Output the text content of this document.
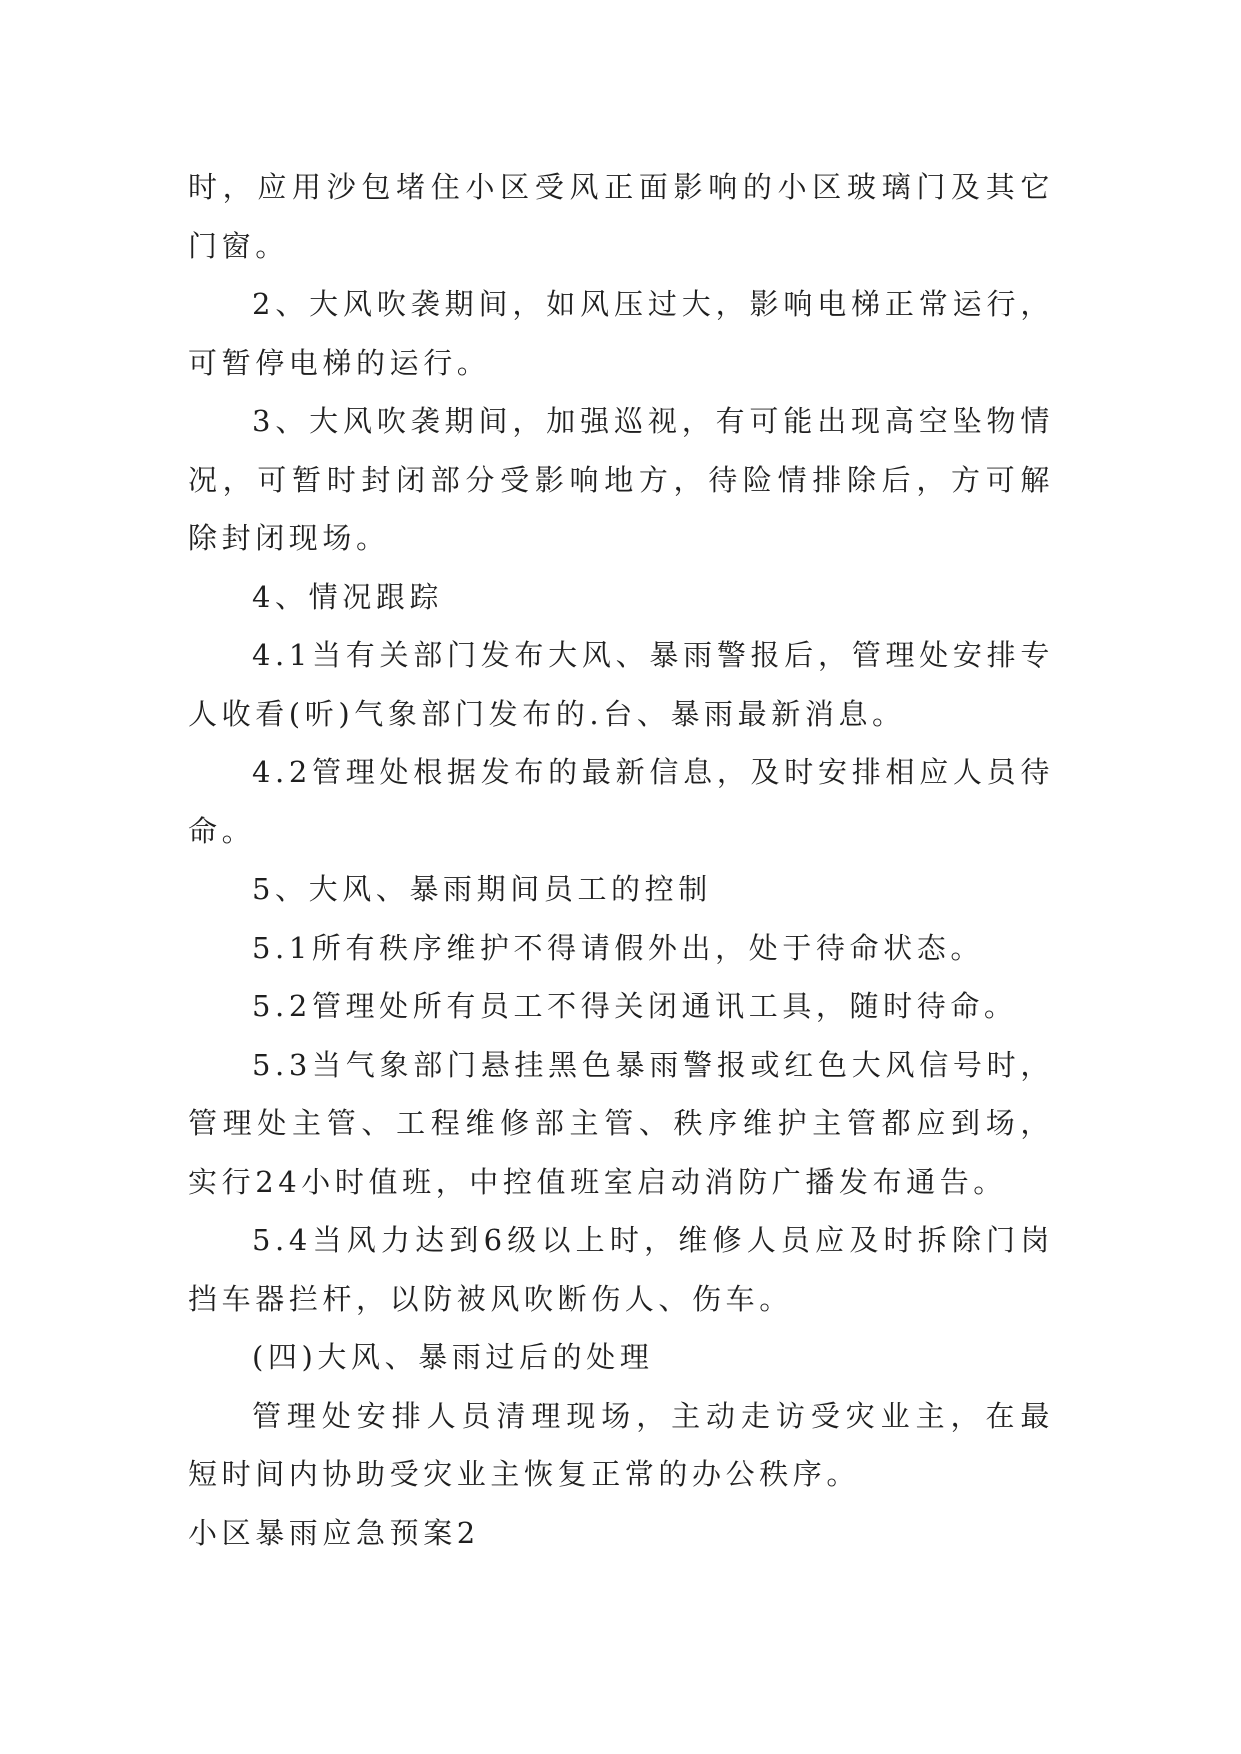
时，应用沙包堵住小区受风正面影响的小区玻璃门及其它门窗。

2、大风吹袭期间，如风压过大，影响电梯正常运行，可暂停电梯的运行。

3、大风吹袭期间，加强巡视，有可能出现高空坠物情况，可暂时封闭部分受影响地方，待险情排除后，方可解除封闭现场。

4、情况跟踪

4.1当有关部门发布大风、暴雨警报后，管理处安排专人收看(听)气象部门发布的.台、暴雨最新消息。

4.2管理处根据发布的最新信息，及时安排相应人员待命。

5、大风、暴雨期间员工的控制

5.1所有秩序维护不得请假外出，处于待命状态。

5.2管理处所有员工不得关闭通讯工具，随时待命。

5.3当气象部门悬挂黑色暴雨警报或红色大风信号时，管理处主管、工程维修部主管、秩序维护主管都应到场，实行24小时值班，中控值班室启动消防广播发布通告。

5.4当风力达到6级以上时，维修人员应及时拆除门岗挡车器拦杆，以防被风吹断伤人、伤车。

(四)大风、暴雨过后的处理

管理处安排人员清理现场，主动走访受灾业主，在最短时间内协助受灾业主恢复正常的办公秩序。

小区暴雨应急预案2
